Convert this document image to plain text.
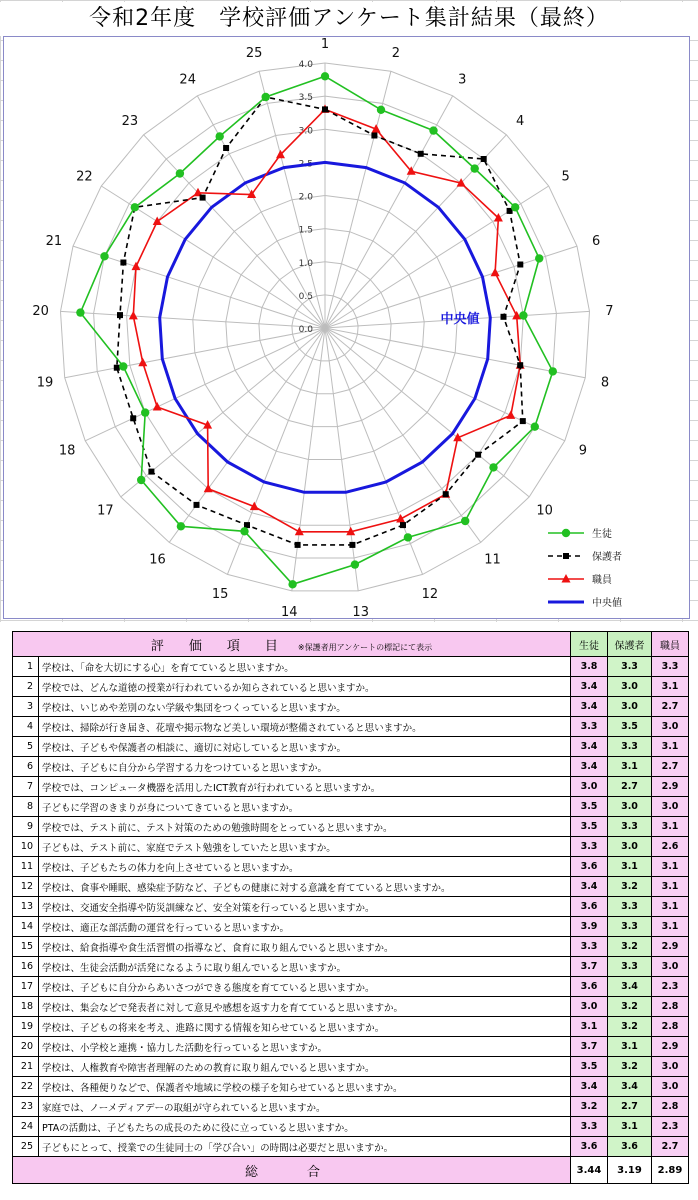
令和2年度　学校評価アンケート集計結果（最終）
0.0
0.5
1.0
1.5
2.0
2.5
3.0
3.5
4.0
1
2
3
4
5
6
7
8
9
10
11
12
13
14
15
16
17
18
19
20
21
22
23
24
25
中央値
生徒
保護者
職員
中央値
評　価　項　目 ※保護者用アンケートの標記にて表示		生徒	保護者	職員
1	学校は、「命を大切にする心」を育てていると思いますか。	3.8	3.3	3.3
2	学校では、どんな道徳の授業が行われているか知らされていると思いますか。	3.4	3.0	3.1
3	学校は、いじめや差別のない学級や集団をつくっていると思いますか。	3.4	3.0	2.7
4	学校は、掃除が行き届き、花壇や掲示物など美しい環境が整備されていると思いますか。	3.3	3.5	3.0
5	学校は、子どもや保護者の相談に、適切に対応していると思いますか。	3.4	3.3	3.1
6	学校は、子どもに自分から学習する力をつけていると思いますか。	3.4	3.1	2.7
7	学校では、コンピュータ機器を活用したICT教育が行われていると思いますか。	3.0	2.7	2.9
8	子どもに学習のきまりが身についてきていると思いますか。	3.5	3.0	3.0
9	学校では、テスト前に、テスト対策のための勉強時間をとっていると思いますか。	3.5	3.3	3.1
10	子どもは、テスト前に、家庭でテスト勉強をしていたと思いますか。	3.3	3.0	2.6
11	学校は、子どもたちの体力を向上させていると思いますか。	3.6	3.1	3.1
12	学校は、食事や睡眠、感染症予防など、子どもの健康に対する意識を育てていると思いますか。	3.4	3.2	3.1
13	学校は、交通安全指導や防災訓練など、安全対策を行っていると思いますか。	3.6	3.3	3.1
14	学校は、適正な部活動の運営を行っていると思いますか。	3.9	3.3	3.1
15	学校は、給食指導や食生活習慣の指導など、食育に取り組んでいると思いますか。	3.3	3.2	2.9
16	学校は、生徒会活動が活発になるように取り組んでいると思いますか。	3.7	3.3	3.0
17	学校は、子どもに自分からあいさつができる態度を育てていると思いますか。	3.6	3.4	2.3
18	学校は、集会などで発表者に対して意見や感想を返す力を育てていると思いますか。	3.0	3.2	2.8
19	学校は、子どもの将来を考え、進路に関する情報を知らせていると思いますか。	3.1	3.2	2.8
20	学校は、小学校と連携・協力した活動を行っていると思いますか。	3.7	3.1	2.9
21	学校は、人権教育や障害者理解のための教育に取り組んでいると思いますか。	3.5	3.2	3.0
22	学校は、各種便りなどで、保護者や地域に学校の様子を知らせていると思いますか。	3.4	3.4	3.0
23	家庭では、ノーメディアデーの取組が守られていると思いますか。	3.2	2.7	2.8
24	PTAの活動は、子どもたちの成長のために役に立っていると思いますか。	3.3	3.1	2.3
25	子どもにとって、授業での生徒同士の「学び合い」の時間は必要だと思いますか。	3.6	3.6	2.7
総　合		3.44	3.19	2.89
